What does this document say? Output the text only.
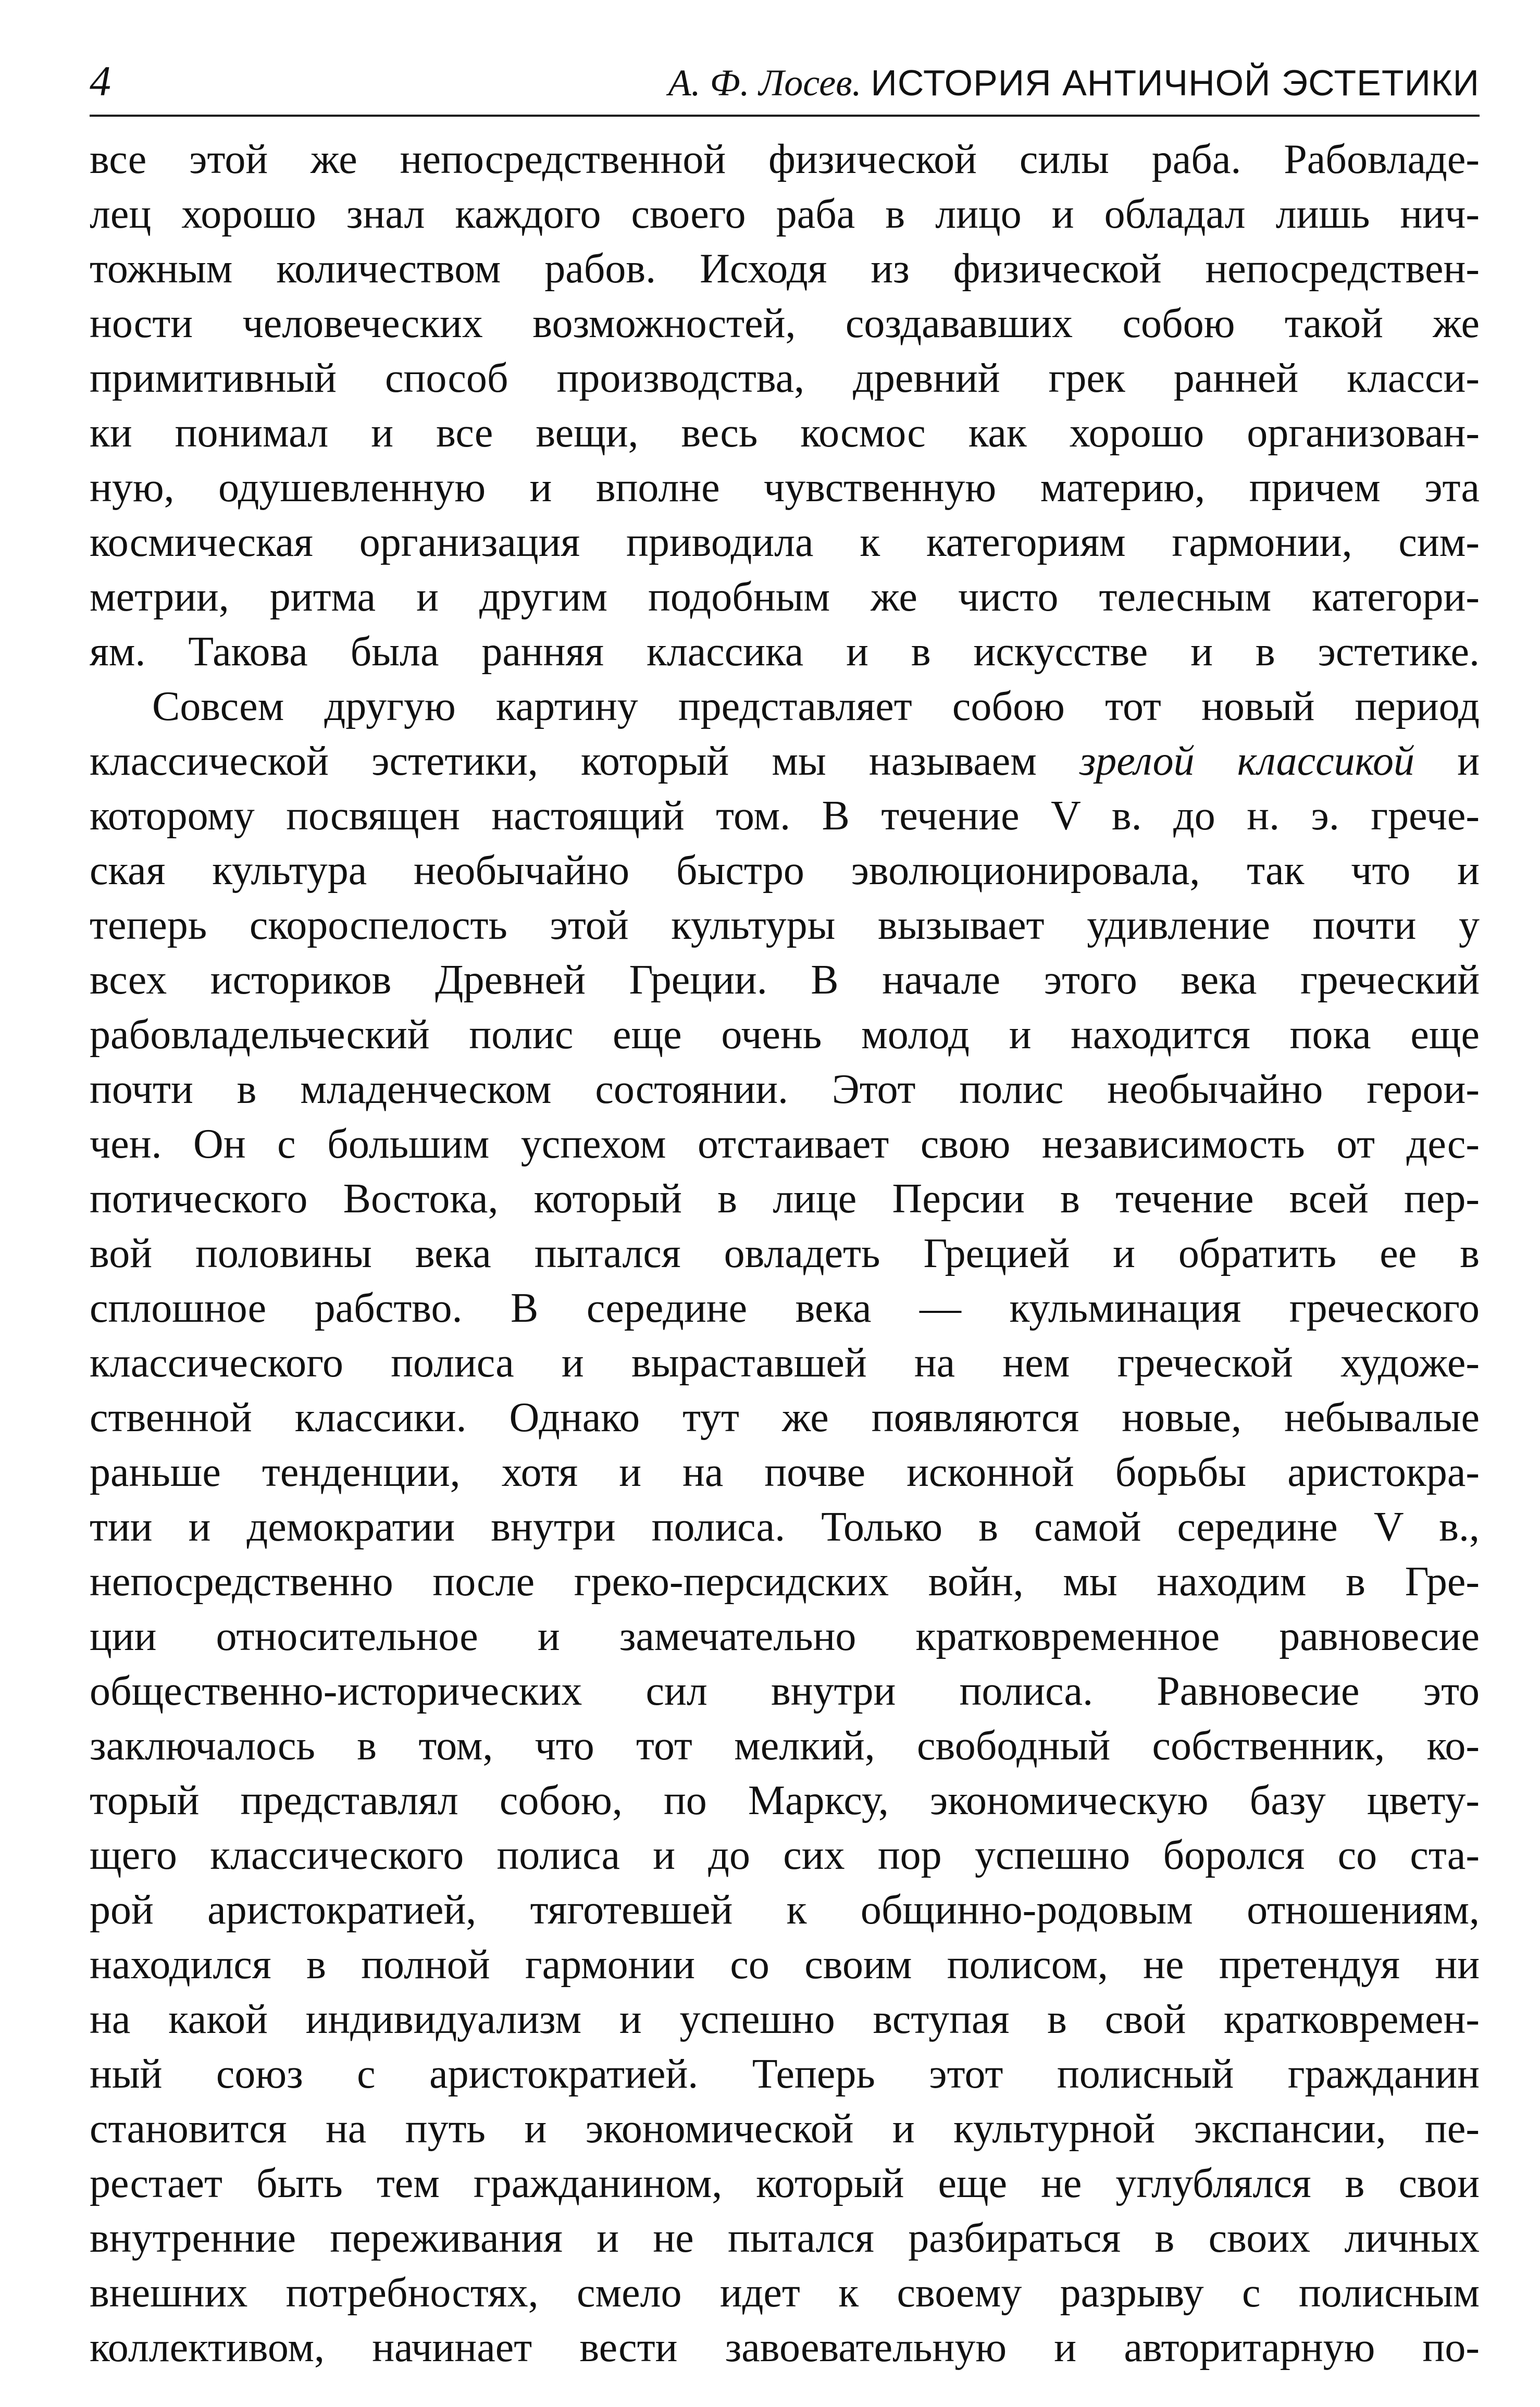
4	А. Ф. Лосев. ИСТОРИЯ АНТИЧНОЙ ЭСТЕТИКИ

все этой же непосредственной физической силы раба. Рабовладе-
лец хорошо знал каждого своего раба в лицо и обладал лишь нич-
тожным количеством рабов. Исходя из физической непосредствен-
ности человеческих возможностей, создававших собою такой же
примитивный способ производства, древний грек ранней класси-
ки понимал и все вещи, весь космос как хорошо организован-
ную, одушевленную и вполне чувственную материю, причем эта
космическая организация приводила к категориям гармонии, сим-
метрии, ритма и другим подобным же чисто телесным категори-
ям. Такова была ранняя классика и в искусстве и в эстетике.

Совсем другую картину представляет собою тот новый период
классической эстетики, который мы называем зрелой классикой и
которому посвящен настоящий том. В течение V в. до н. э. грече-
ская культура необычайно быстро эволюционировала, так что и
теперь скороспелость этой культуры вызывает удивление почти у
всех историков Древней Греции. В начале этого века греческий
рабовладельческий полис еще очень молод и находится пока еще
почти в младенческом состоянии. Этот полис необычайно герои-
чен. Он с большим успехом отстаивает свою независимость от дес-
потического Востока, который в лице Персии в течение всей пер-
вой половины века пытался овладеть Грецией и обратить ее в
сплошное рабство. В середине века — кульминация греческого
классического полиса и выраставшей на нем греческой художе-
ственной классики. Однако тут же появляются новые, небывалые
раньше тенденции, хотя и на почве исконной борьбы аристокра-
тии и демократии внутри полиса. Только в самой середине V в.,
непосредственно после греко-персидских войн, мы находим в Гре-
ции относительное и замечательно кратковременное равновесие
общественно-исторических сил внутри полиса. Равновесие это
заключалось в том, что тот мелкий, свободный собственник, ко-
торый представлял собою, по Марксу, экономическую базу цвету-
щего классического полиса и до сих пор успешно боролся со ста-
рой аристократией, тяготевшей к общинно-родовым отношениям,
находился в полной гармонии со своим полисом, не претендуя ни
на какой индивидуализм и успешно вступая в свой кратковремен-
ный союз с аристократией. Теперь этот полисный гражданин
становится на путь и экономической и культурной экспансии, пе-
рестает быть тем гражданином, который еще не углублялся в свои
внутренние переживания и не пытался разбираться в своих личных
внешних потребностях, смело идет к своему разрыву с полисным
коллективом, начинает вести завоевательную и авторитарную по-
